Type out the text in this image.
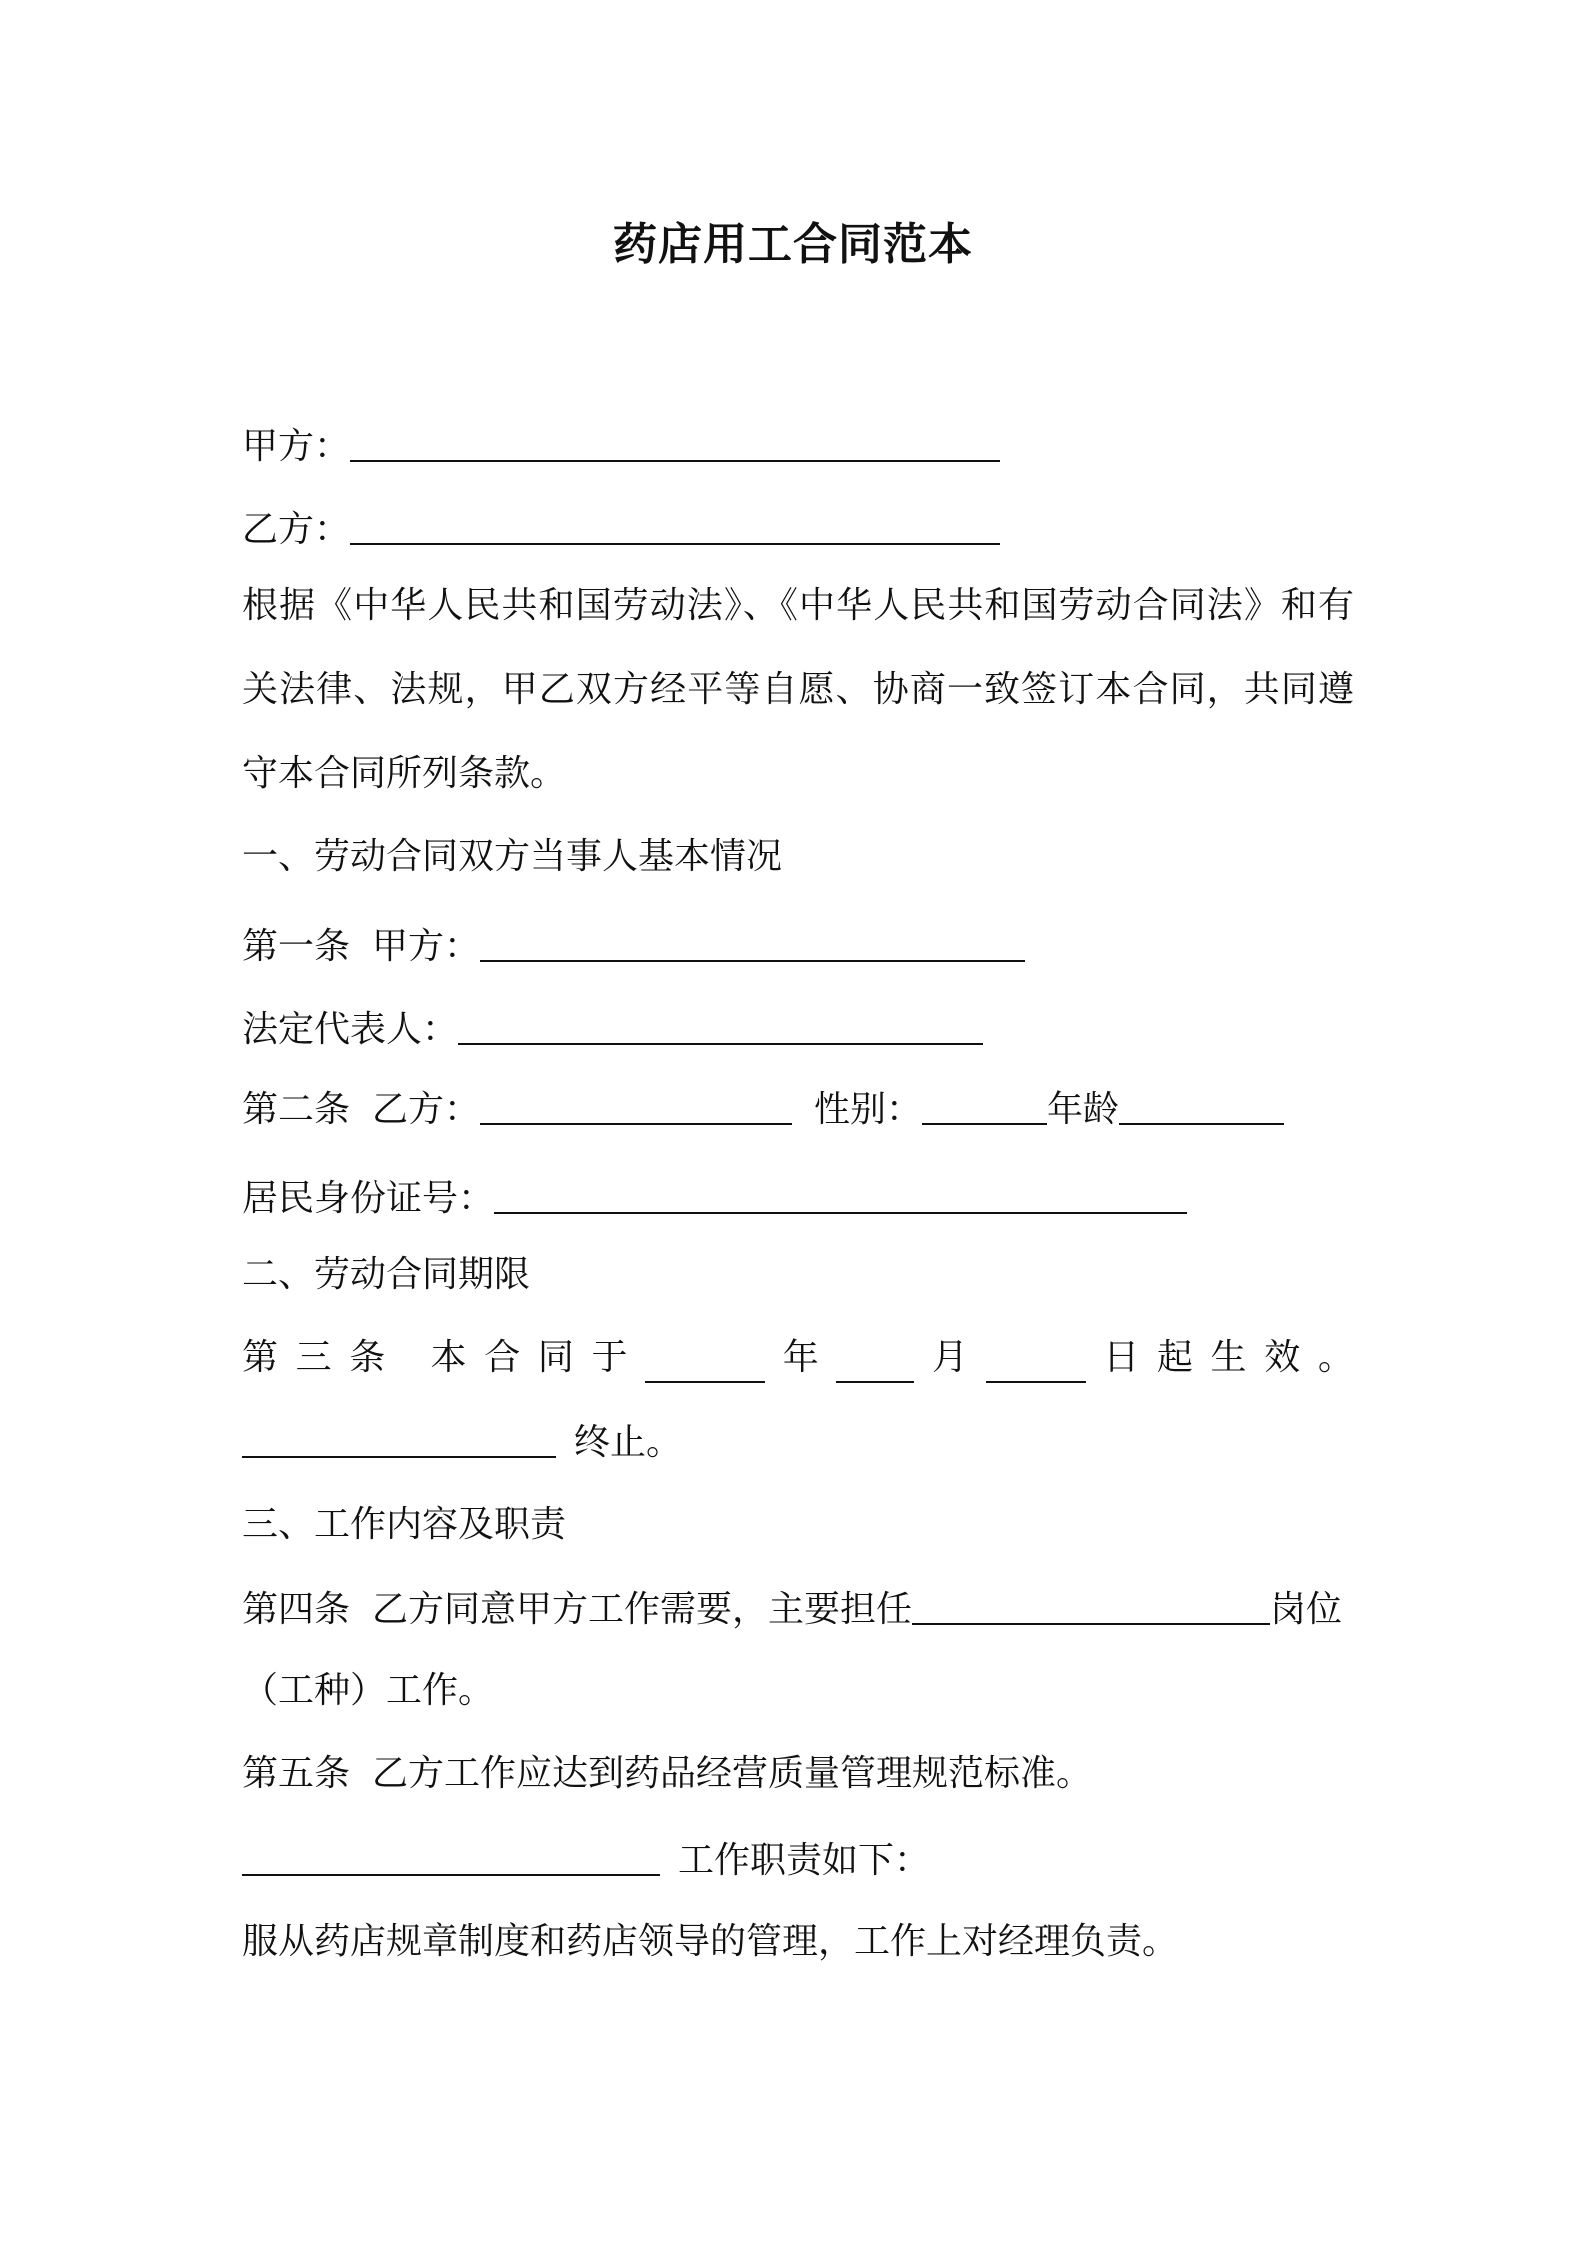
药店用工合同范本
甲方：
乙方：
根据《中华人民共和国劳动法》、《中华人民共和国劳动合同法》和有关法律、法规，甲乙双方经平等自愿、协商一致签订本合同，共同遵守本合同所列条款。
一、劳动合同双方当事人基本情况
第一条 甲方：
法定代表人：
第二条 乙方：	性别：	年龄
居民身份证号：
二、劳动合同期限
第 三 条 本 合 同 于	年	月	日 起 生 效 。
终止。
三、工作内容及职责
第四条 乙方同意甲方工作需要，主要担任	岗位
（工种）工作。
第五条 乙方工作应达到药品经营质量管理规范标准。
工作职责如下：
服从药店规章制度和药店领导的管理，工作上对经理负责。
